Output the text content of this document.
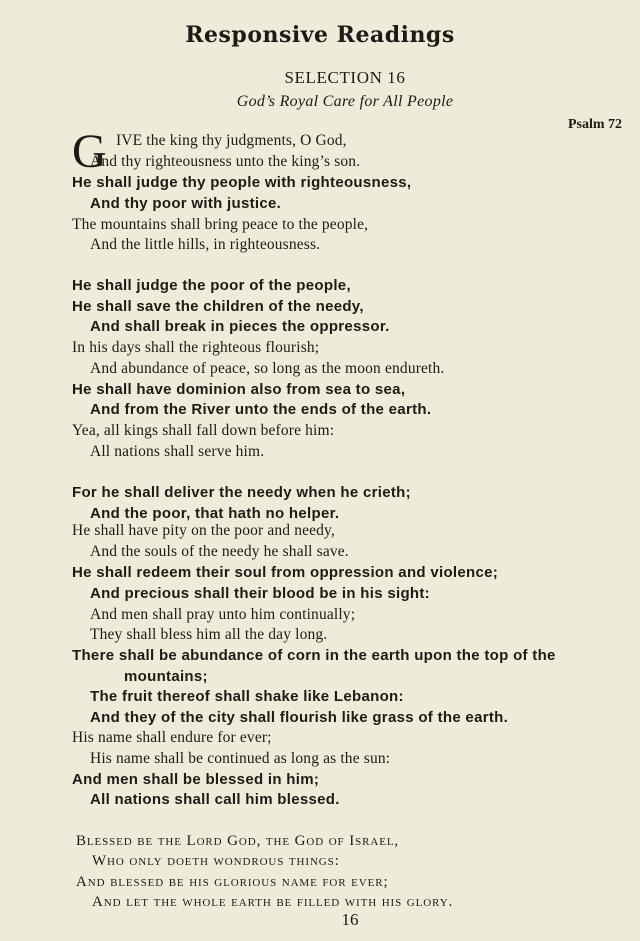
Responsive Readings
SELECTION 16
God’s Royal Care for All People
Psalm 72
G IVE the king thy judgments, O God,
And thy righteousness unto the king’s son.
He shall judge thy people with righteousness,
And thy poor with justice.
The mountains shall bring peace to the people,
And the little hills, in righteousness.
He shall judge the poor of the people,
He shall save the children of the needy,
And shall break in pieces the oppressor.
In his days shall the righteous flourish;
And abundance of peace, so long as the moon endureth.
He shall have dominion also from sea to sea,
And from the River unto the ends of the earth.
Yea, all kings shall fall down before him:
All nations shall serve him.
For he shall deliver the needy when he crieth;
And the poor, that hath no helper.
He shall have pity on the poor and needy,
And the souls of the needy he shall save.
He shall redeem their soul from oppression and violence;
And precious shall their blood be in his sight:
And men shall pray unto him continually;
They shall bless him all the day long.
There shall be abundance of corn in the earth upon the top of the
mountains;
The fruit thereof shall shake like Lebanon:
And they of the city shall flourish like grass of the earth.
His name shall endure for ever;
His name shall be continued as long as the sun:
And men shall be blessed in him;
All nations shall call him blessed.
Blessed be the Lord God, the God of Israel,
Who only doeth wondrous things:
And blessed be his glorious name for ever;
And let the whole earth be filled with his glory.
16
